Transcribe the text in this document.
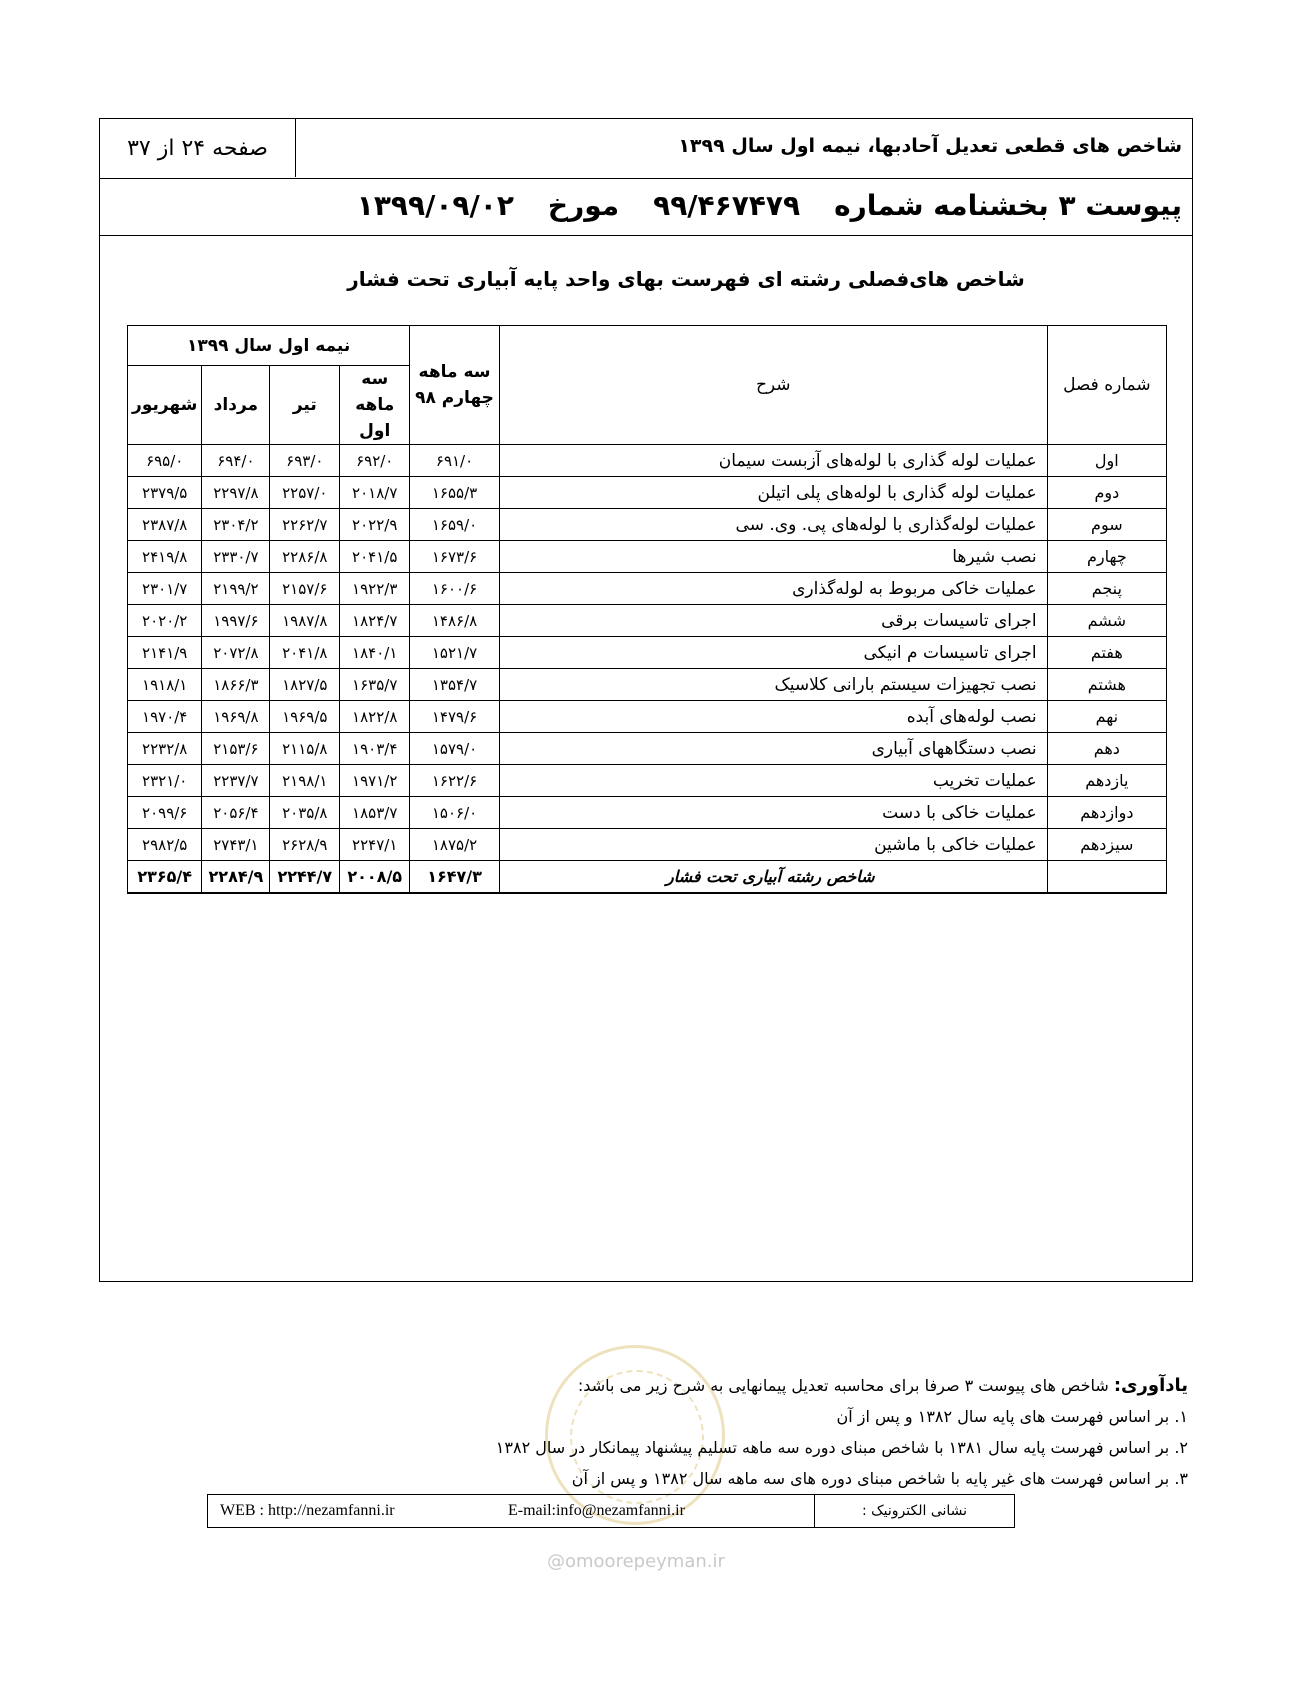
شاخص های قطعی تعدیل آحادبها، نیمه اول سال ۱۳۹۹
صفحه ۲۴ از ۳۷
پیوست ۳ بخشنامه شماره۹۹/۴۶۷۴۷۹مورخ۱۳۹۹/۰۹/۰۲
شاخص های‌فصلی رشته ای فهرست بهای واحد پایه آبیاری تحت فشار
شماره فصل	شرح	سه ماهه چهارم ۹۸	نیمه اول سال ۱۳۹۹			
			سه ماهه اول	تیر	مرداد	شهریور
اول	عملیات لوله گذاری با لوله‌های آزبست سیمان	۶۹۱/۰	۶۹۲/۰	۶۹۳/۰	۶۹۴/۰	۶۹۵/۰
دوم	عملیات لوله گذاری با لوله‌های پلی اتیلن	۱۶۵۵/۳	۲۰۱۸/۷	۲۲۵۷/۰	۲۲۹۷/۸	۲۳۷۹/۵
سوم	عملیات لوله‌گذاری با لوله‌های پی. وی. سی	۱۶۵۹/۰	۲۰۲۲/۹	۲۲۶۲/۷	۲۳۰۴/۲	۲۳۸۷/۸
چهارم	نصب شیرها	۱۶۷۳/۶	۲۰۴۱/۵	۲۲۸۶/۸	۲۳۳۰/۷	۲۴۱۹/۸
پنجم	عملیات خاکی مربوط به لوله‌گذاری	۱۶۰۰/۶	۱۹۲۲/۳	۲۱۵۷/۶	۲۱۹۹/۲	۲۳۰۱/۷
ششم	اجرای تاسیسات برقی	۱۴۸۶/۸	۱۸۲۴/۷	۱۹۸۷/۸	۱۹۹۷/۶	۲۰۲۰/۲
هفتم	اجرای تاسیسات م انیکی	۱۵۲۱/۷	۱۸۴۰/۱	۲۰۴۱/۸	۲۰۷۲/۸	۲۱۴۱/۹
هشتم	نصب تجهیزات سیستم بارانی کلاسیک	۱۳۵۴/۷	۱۶۳۵/۷	۱۸۲۷/۵	۱۸۶۶/۳	۱۹۱۸/۱
نهم	نصب لوله‌های آبده	۱۴۷۹/۶	۱۸۲۲/۸	۱۹۶۹/۵	۱۹۶۹/۸	۱۹۷۰/۴
دهم	نصب دستگاههای آبیاری	۱۵۷۹/۰	۱۹۰۳/۴	۲۱۱۵/۸	۲۱۵۳/۶	۲۲۳۲/۸
یازدهم	عملیات تخریب	۱۶۲۲/۶	۱۹۷۱/۲	۲۱۹۸/۱	۲۲۳۷/۷	۲۳۲۱/۰
دوازدهم	عملیات خاکی با دست	۱۵۰۶/۰	۱۸۵۳/۷	۲۰۳۵/۸	۲۰۵۶/۴	۲۰۹۹/۶
سیزدهم	عملیات خاکی با ماشین	۱۸۷۵/۲	۲۲۴۷/۱	۲۶۲۸/۹	۲۷۴۳/۱	۲۹۸۲/۵
	شاخص رشته آبیاری تحت فشار	۱۶۴۷/۳	۲۰۰۸/۵	۲۲۴۴/۷	۲۲۸۴/۹	۲۳۶۵/۴
یادآوری: شاخص های پیوست ۳ صرفا برای محاسبه تعدیل پیمانهایی به شرح زیر می باشد:
۱. بر اساس فهرست های پایه سال ۱۳۸۲ و پس از آن
۲. بر اساس فهرست پایه سال ۱۳۸۱ با شاخص مبنای دوره سه ماهه تسلیم پیشنهاد پیمانکار در سال ۱۳۸۲
۳. بر اساس فهرست های غیر پایه با شاخص مبنای دوره های سه ماهه سال ۱۳۸۲ و پس از آن
نشانی الکترونیک :
E-mail:info@nezamfanni.ir
WEB : http://nezamfanni.ir
@omoorepeyman.ir
